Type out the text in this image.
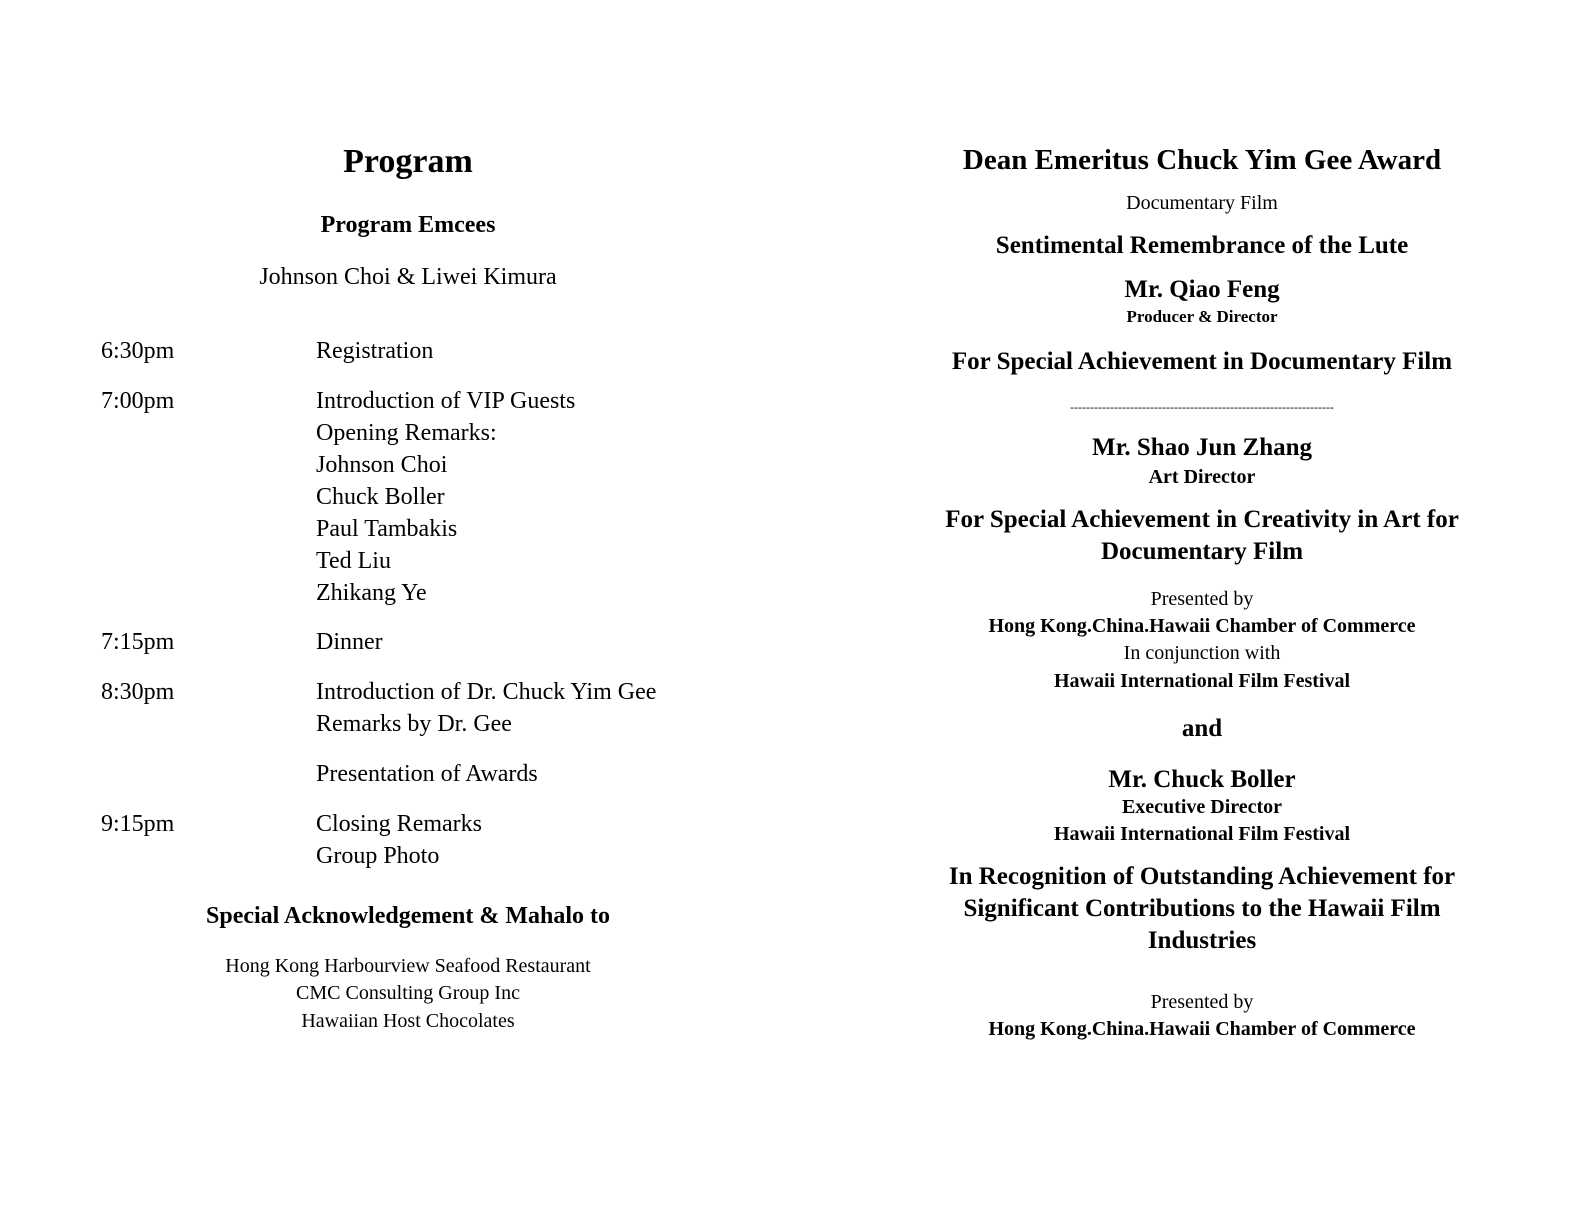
Program
Program Emcees
Johnson Choi & Liwei Kimura
6:30pm	Registration
7:00pm	Introduction of VIP Guests
Opening Remarks:
Johnson Choi
Chuck Boller
Paul Tambakis
Ted Liu
Zhikang Ye
7:15pm	Dinner
8:30pm	Introduction of Dr. Chuck Yim Gee
Remarks by Dr. Gee
Presentation of Awards
9:15pm	Closing Remarks
Group Photo
Special Acknowledgement & Mahalo to
Hong Kong Harbourview Seafood Restaurant
CMC Consulting Group Inc
Hawaiian Host Chocolates
Dean Emeritus Chuck Yim Gee Award
Documentary Film
Sentimental Remembrance of the Lute
Mr. Qiao Feng
Producer & Director
For Special Achievement in Documentary Film
------------------------------------------------------------------
Mr. Shao Jun Zhang
Art Director
For Special Achievement in Creativity in Art for
Documentary Film
Presented by
Hong Kong.China.Hawaii Chamber of Commerce
In conjunction with
Hawaii International Film Festival
and
Mr. Chuck Boller
Executive Director
Hawaii International Film Festival
In Recognition of Outstanding Achievement for
Significant Contributions to the Hawaii Film
Industries
Presented by
Hong Kong.China.Hawaii Chamber of Commerce
